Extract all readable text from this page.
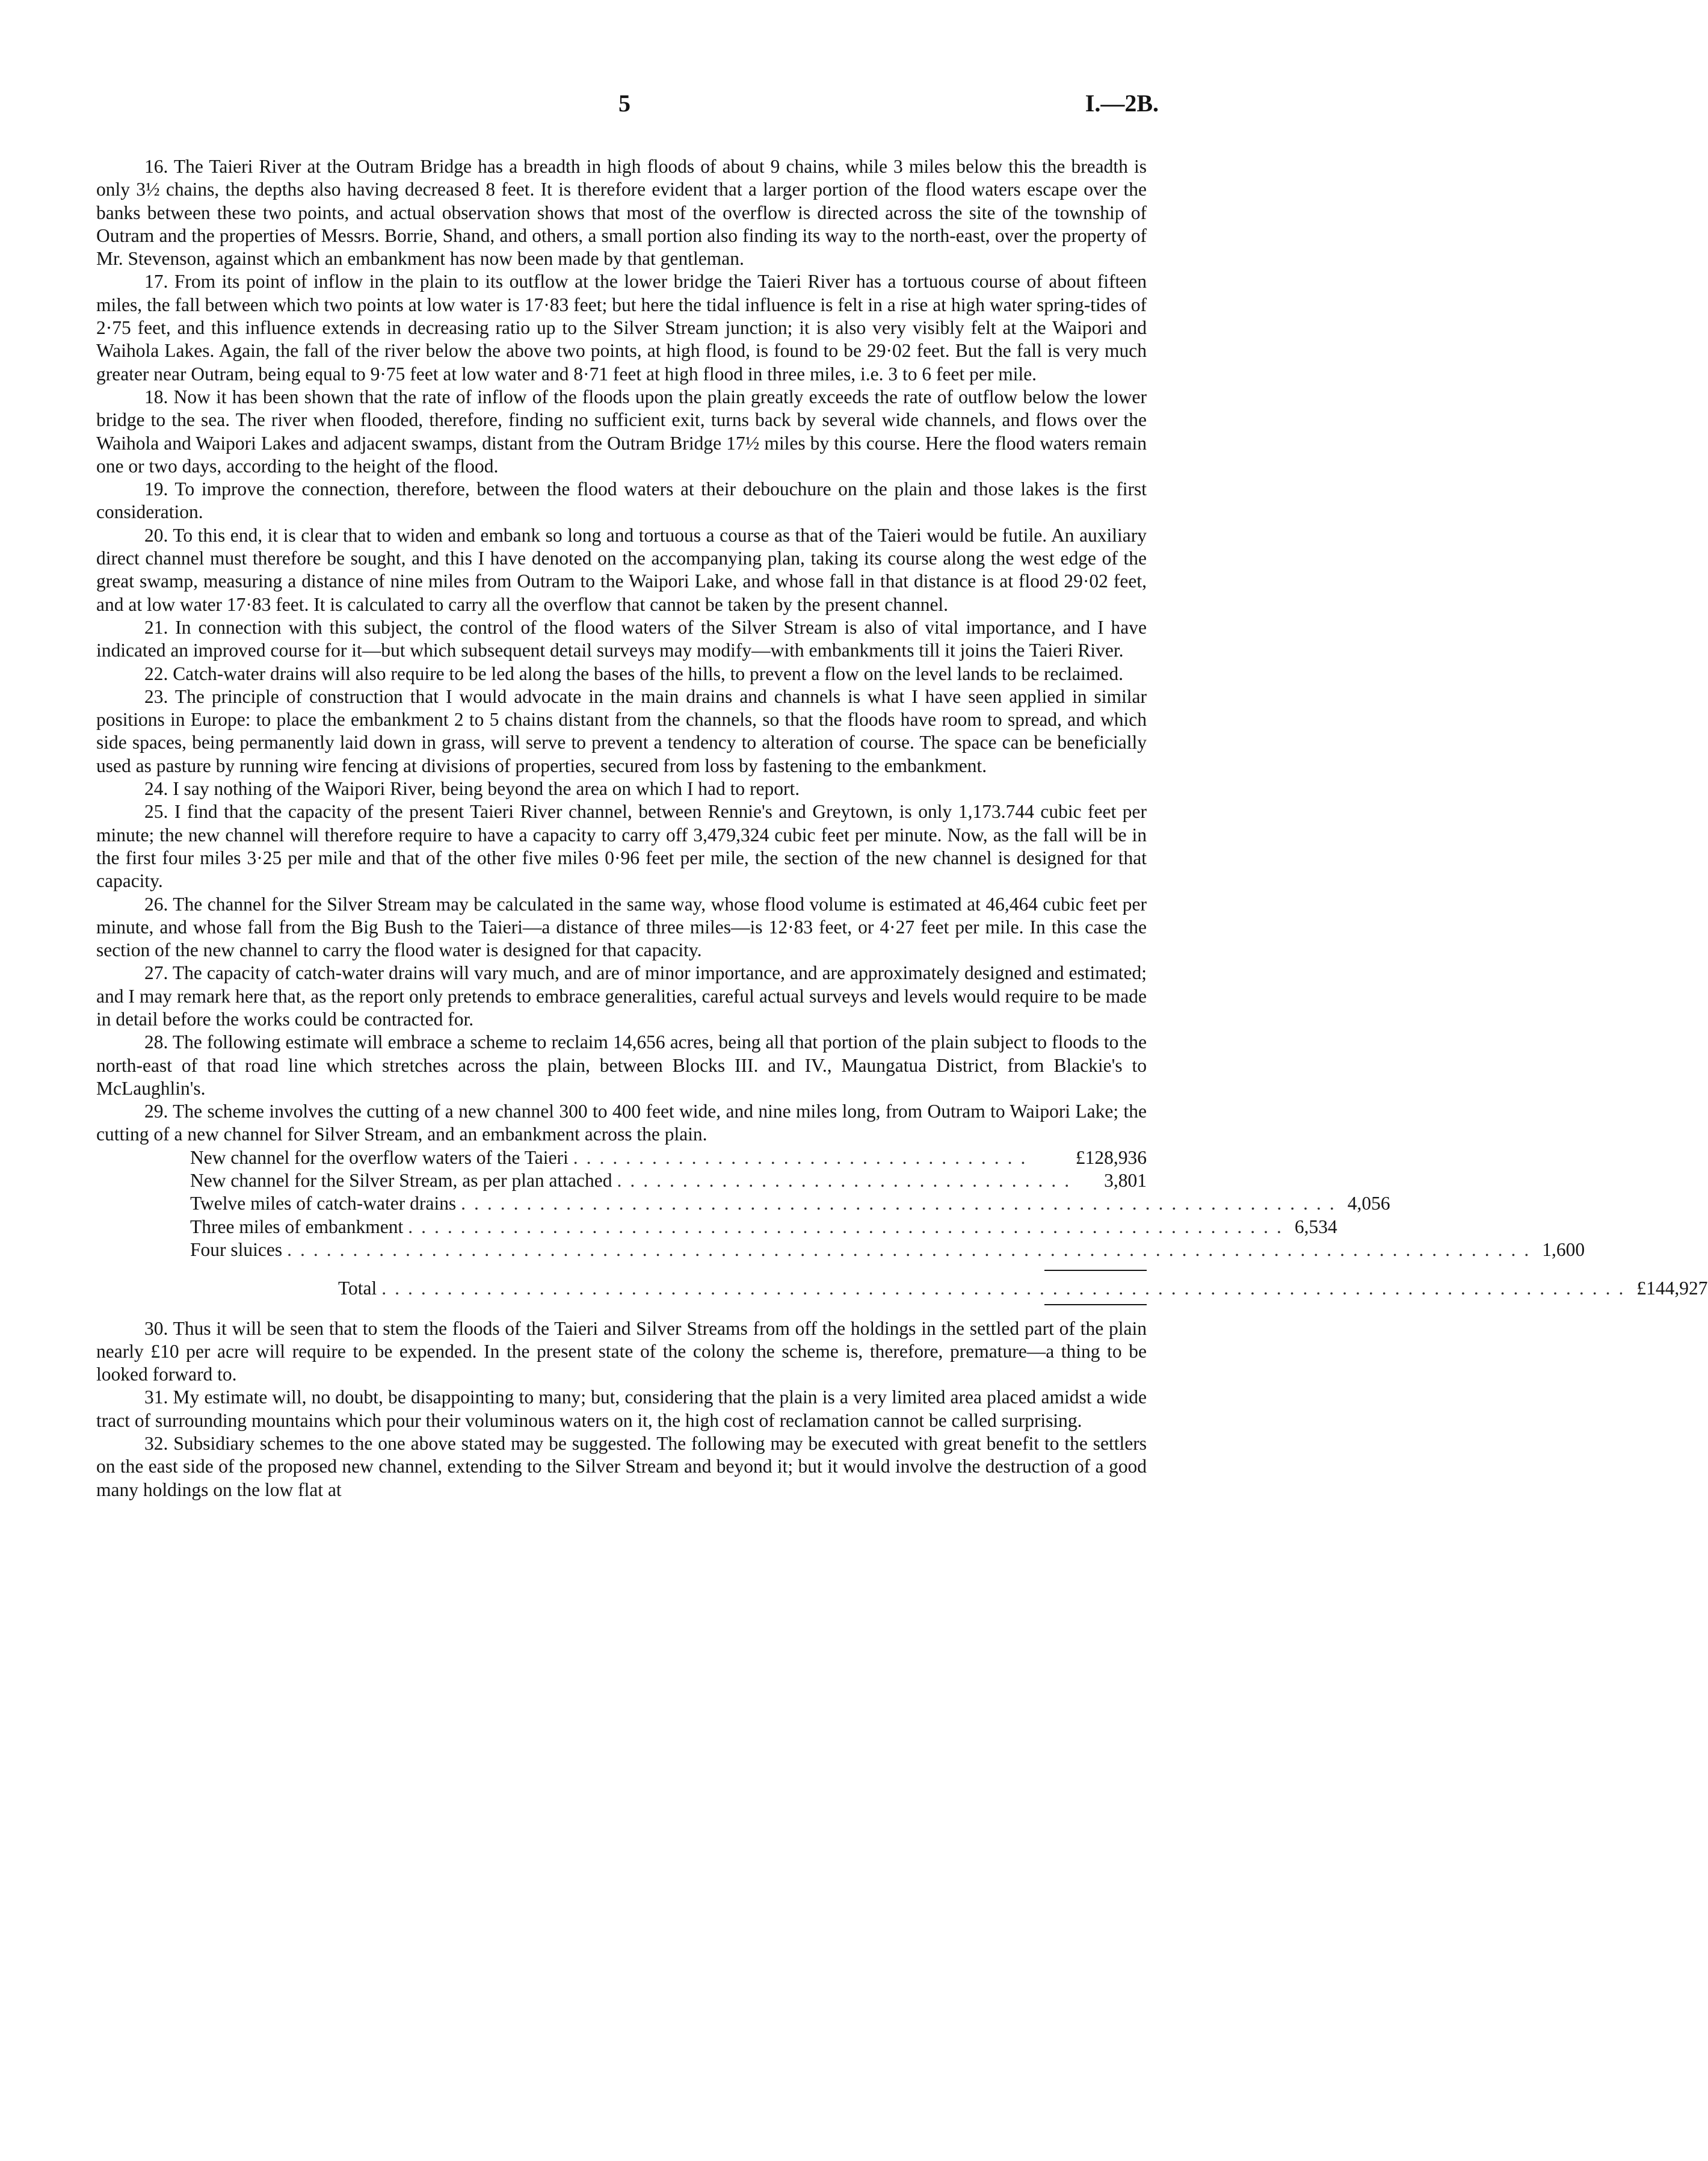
5	I.—2B.

16. The Taieri River at the Outram Bridge has a breadth in high floods of about 9 chains, while 3 miles below this the breadth is only 3½ chains, the depths also having decreased 8 feet. It is therefore evident that a larger portion of the flood waters escape over the banks between these two points, and actual observation shows that most of the overflow is directed across the site of the township of Outram and the properties of Messrs. Borrie, Shand, and others, a small portion also finding its way to the north-east, over the property of Mr. Stevenson, against which an embankment has now been made by that gentleman.

17. From its point of inflow in the plain to its outflow at the lower bridge the Taieri River has a tortuous course of about fifteen miles, the fall between which two points at low water is 17·83 feet; but here the tidal influence is felt in a rise at high water spring-tides of 2·75 feet, and this influence extends in decreasing ratio up to the Silver Stream junction; it is also very visibly felt at the Waipori and Waihola Lakes. Again, the fall of the river below the above two points, at high flood, is found to be 29·02 feet. But the fall is very much greater near Outram, being equal to 9·75 feet at low water and 8·71 feet at high flood in three miles, i.e. 3 to 6 feet per mile.

18. Now it has been shown that the rate of inflow of the floods upon the plain greatly exceeds the rate of outflow below the lower bridge to the sea. The river when flooded, therefore, finding no sufficient exit, turns back by several wide channels, and flows over the Waihola and Waipori Lakes and adjacent swamps, distant from the Outram Bridge 17½ miles by this course. Here the flood waters remain one or two days, according to the height of the flood.

19. To improve the connection, therefore, between the flood waters at their debouchure on the plain and those lakes is the first consideration.

20. To this end, it is clear that to widen and embank so long and tortuous a course as that of the Taieri would be futile. An auxiliary direct channel must therefore be sought, and this I have denoted on the accompanying plan, taking its course along the west edge of the great swamp, measuring a distance of nine miles from Outram to the Waipori Lake, and whose fall in that distance is at flood 29·02 feet, and at low water 17·83 feet. It is calculated to carry all the overflow that cannot be taken by the present channel.

21. In connection with this subject, the control of the flood waters of the Silver Stream is also of vital importance, and I have indicated an improved course for it—but which subsequent detail surveys may modify—with embankments till it joins the Taieri River.

22. Catch-water drains will also require to be led along the bases of the hills, to prevent a flow on the level lands to be reclaimed.

23. The principle of construction that I would advocate in the main drains and channels is what I have seen applied in similar positions in Europe: to place the embankment 2 to 5 chains distant from the channels, so that the floods have room to spread, and which side spaces, being permanently laid down in grass, will serve to prevent a tendency to alteration of course. The space can be beneficially used as pasture by running wire fencing at divisions of properties, secured from loss by fastening to the embankment.

24. I say nothing of the Waipori River, being beyond the area on which I had to report.

25. I find that the capacity of the present Taieri River channel, between Rennie's and Greytown, is only 1,173.744 cubic feet per minute; the new channel will therefore require to have a capacity to carry off 3,479,324 cubic feet per minute. Now, as the fall will be in the first four miles 3·25 per mile and that of the other five miles 0·96 feet per mile, the section of the new channel is designed for that capacity.

26. The channel for the Silver Stream may be calculated in the same way, whose flood volume is estimated at 46,464 cubic feet per minute, and whose fall from the Big Bush to the Taieri—a distance of three miles—is 12·83 feet, or 4·27 feet per mile. In this case the section of the new channel to carry the flood water is designed for that capacity.

27. The capacity of catch-water drains will vary much, and are of minor importance, and are approximately designed and estimated; and I may remark here that, as the report only pretends to embrace generalities, careful actual surveys and levels would require to be made in detail before the works could be contracted for.

28. The following estimate will embrace a scheme to reclaim 14,656 acres, being all that portion of the plain subject to floods to the north-east of that road line which stretches across the plain, between Blocks III. and IV., Maungatua District, from Blackie's to McLaughlin's.

29. The scheme involves the cutting of a new channel 300 to 400 feet wide, and nine miles long, from Outram to Waipori Lake; the cutting of a new channel for Silver Stream, and an embankment across the plain.

New channel for the overflow waters of the Taieri ...................................	£128,936
New channel for the Silver Stream, as per plan attached ...................................	3,801
Twelve miles of catch-water drains ................................................................... 4,056
Three miles of embankment ................................................................... 6,534
Four sluices ............................................................................................... 1,600
Total ............................................................................................... £144,927

30. Thus it will be seen that to stem the floods of the Taieri and Silver Streams from off the holdings in the settled part of the plain nearly £10 per acre will require to be expended. In the present state of the colony the scheme is, therefore, premature—a thing to be looked forward to.

31. My estimate will, no doubt, be disappointing to many; but, considering that the plain is a very limited area placed amidst a wide tract of surrounding mountains which pour their voluminous waters on it, the high cost of reclamation cannot be called surprising.

32. Subsidiary schemes to the one above stated may be suggested. The following may be executed with great benefit to the settlers on the east side of the proposed new channel, extending to the Silver Stream and beyond it; but it would involve the destruction of a good many holdings on the low flat at
